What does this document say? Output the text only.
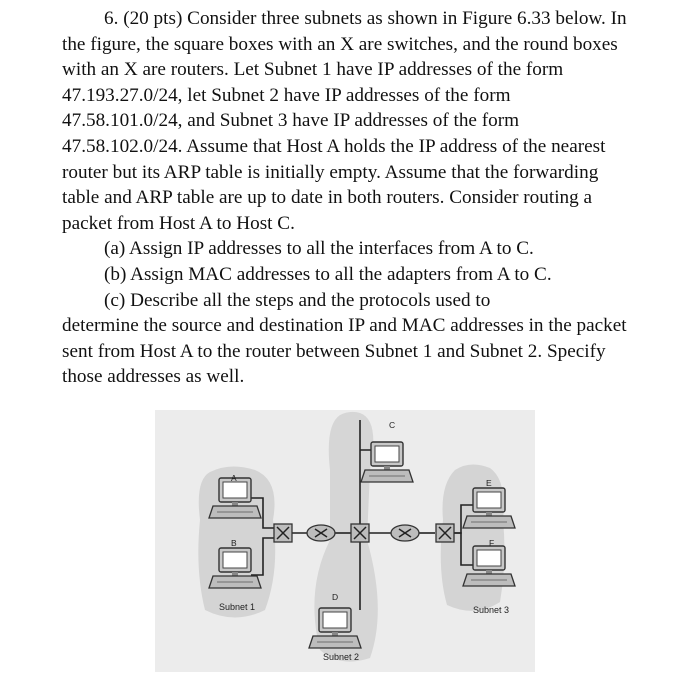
6. (20 pts) Consider three subnets as shown in Figure 6.33 below. In the figure, the square boxes with an X are switches, and the round boxes with an X are routers. Let Subnet 1 have IP addresses of the form 47.193.27.0/24, let Subnet 2 have IP addresses of the form 47.58.101.0/24, and Subnet 3 have IP addresses of the form 47.58.102.0/24. Assume that Host A holds the IP address of the nearest router but its ARP table is initially empty. Assume that the forwarding table and ARP table are up to date in both routers. Consider routing a packet from Host A to Host C.

(a) Assign IP addresses to all the interfaces from A to C.

(b) Assign MAC addresses to all the adapters from A to C.

(c) Describe all the steps and the protocols used to

determine the source and destination IP and MAC addresses in the packet sent from Host A to the router between Subnet 1 and Subnet 2. Specify those addresses as well.

A
B
C
D
E
F
Subnet 1
Subnet 2
Subnet 3
